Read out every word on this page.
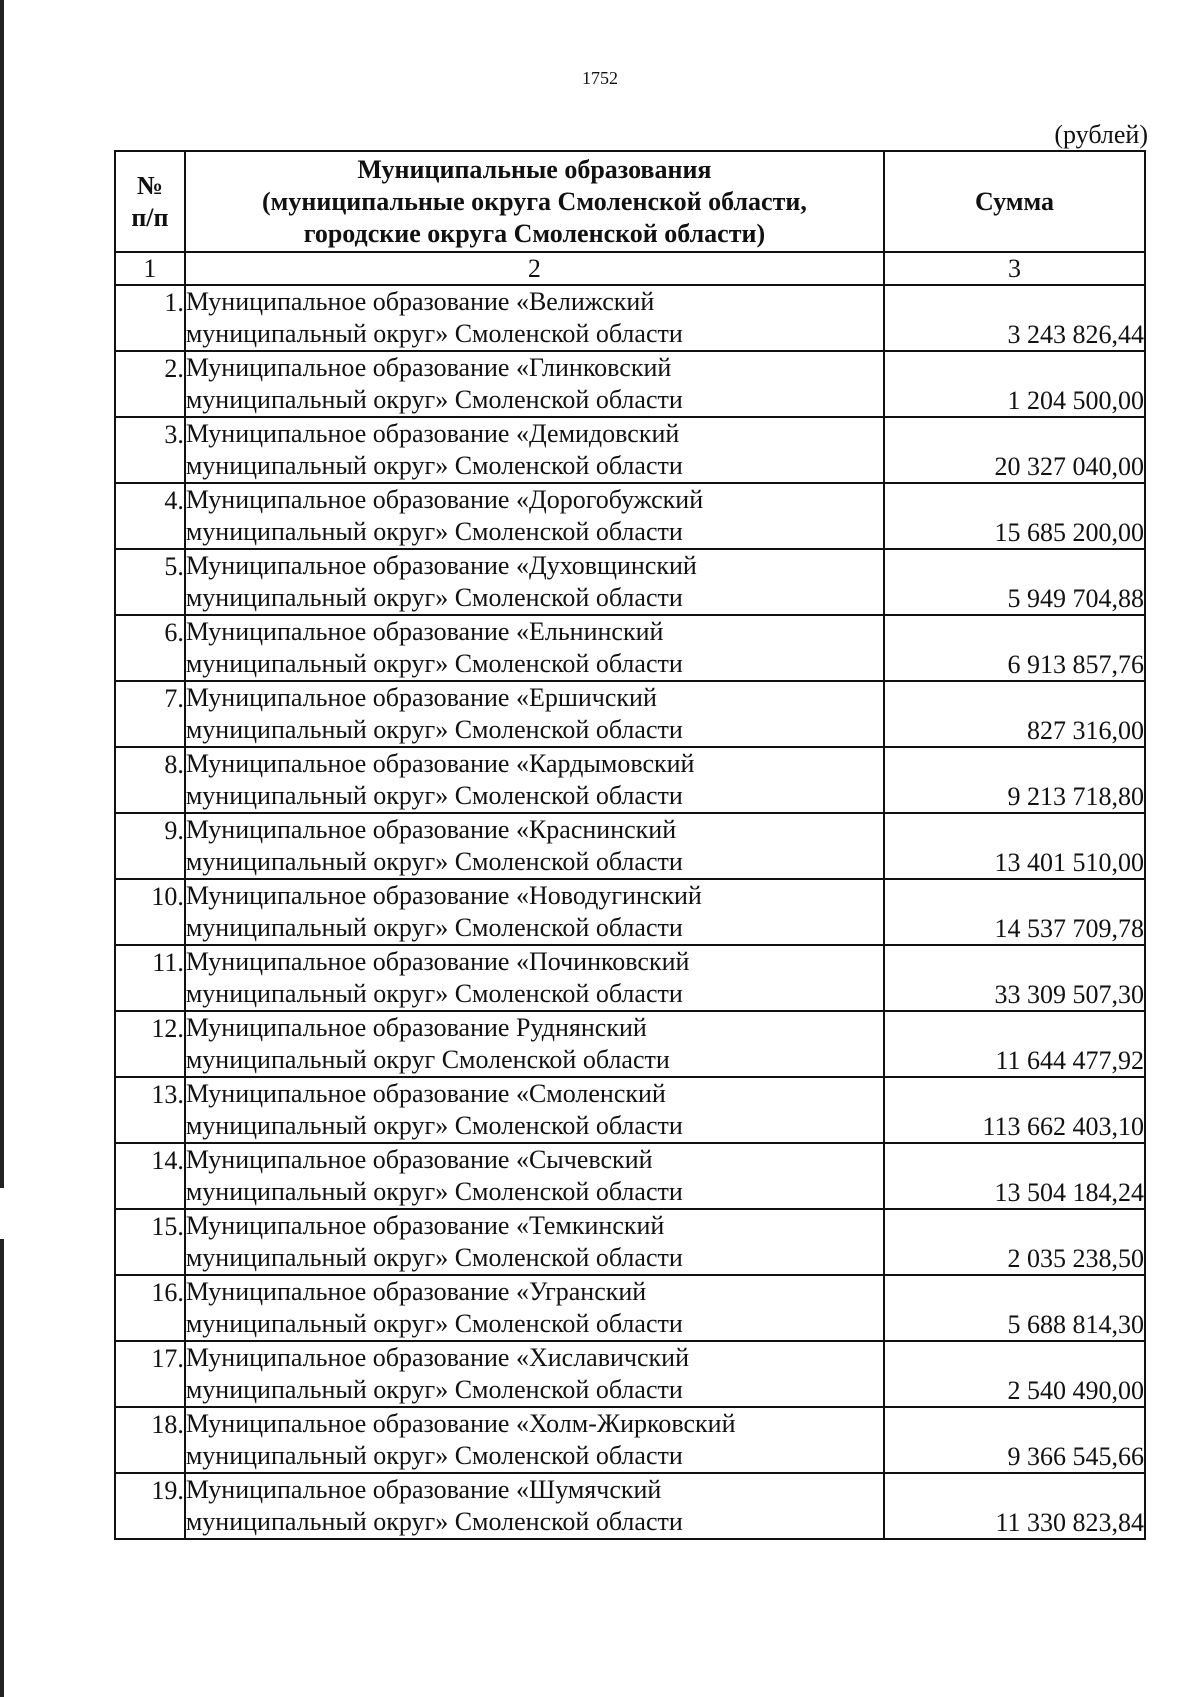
1752
(рублей)
№
п/п	Муниципальные образования
(муниципальные округа Смоленской области,
городские округа Смоленской области)	Сумма
1	2	3
1.	Муниципальное образование «Велижский
муниципальный округ» Смоленской области	3 243 826,44
2.	Муниципальное образование «Глинковский
муниципальный округ» Смоленской области	1 204 500,00
3.	Муниципальное образование «Демидовский
муниципальный округ» Смоленской области	20 327 040,00
4.	Муниципальное образование «Дорогобужский
муниципальный округ» Смоленской области	15 685 200,00
5.	Муниципальное образование «Духовщинский
муниципальный округ» Смоленской области	5 949 704,88
6.	Муниципальное образование «Ельнинский
муниципальный округ» Смоленской области	6 913 857,76
7.	Муниципальное образование «Ершичский
муниципальный округ» Смоленской области	827 316,00
8.	Муниципальное образование «Кардымовский
муниципальный округ» Смоленской области	9 213 718,80
9.	Муниципальное образование «Краснинский
муниципальный округ» Смоленской области	13 401 510,00
10.	Муниципальное образование «Новодугинский
муниципальный округ» Смоленской области	14 537 709,78
11.	Муниципальное образование «Починковский
муниципальный округ» Смоленской области	33 309 507,30
12.	Муниципальное образование Руднянский
муниципальный округ Смоленской области	11 644 477,92
13.	Муниципальное образование «Смоленский
муниципальный округ» Смоленской области	113 662 403,10
14.	Муниципальное образование «Сычевский
муниципальный округ» Смоленской области	13 504 184,24
15.	Муниципальное образование «Темкинский
муниципальный округ» Смоленской области	2 035 238,50
16.	Муниципальное образование «Угранский
муниципальный округ» Смоленской области	5 688 814,30
17.	Муниципальное образование «Хиславичский
муниципальный округ» Смоленской области	2 540 490,00
18.	Муниципальное образование «Холм-Жирковский
муниципальный округ» Смоленской области	9 366 545,66
19.	Муниципальное образование «Шумячский
муниципальный округ» Смоленской области	11 330 823,84
